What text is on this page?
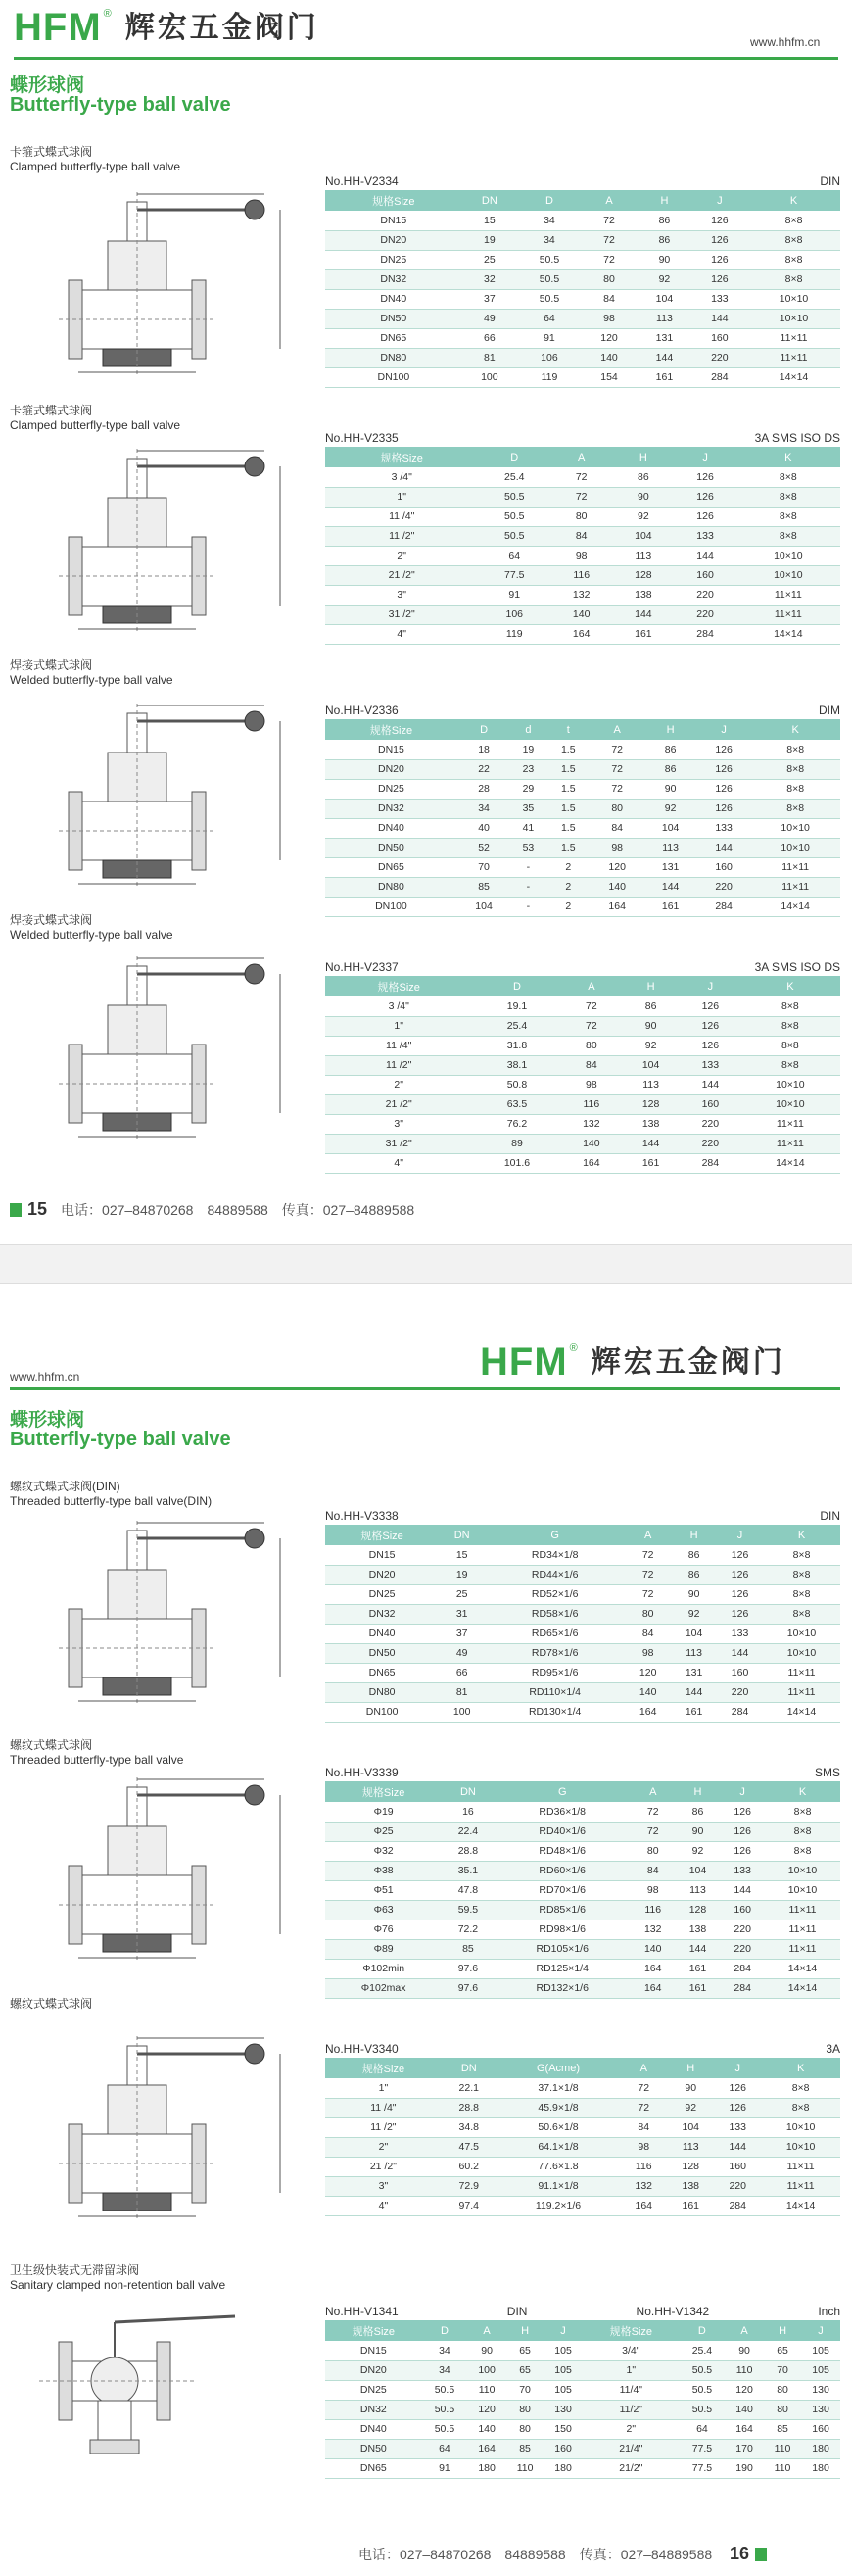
HFM ® 辉宏五金阀门	www.hhfm.cn
蝶形球阀
Butterfly-type ball valve
卡箍式蝶式球阀
Clamped butterfly-type ball valve
卡箍式蝶式球阀
Clamped butterfly-type ball valve
焊接式蝶式球阀
Welded butterfly-type ball valve
焊接式蝶式球阀
Welded butterfly-type ball valve
No.HH-V2334	DIN
规格Size	DN	D	A	H	J	K
DN15	15	34	72	86	126	8×8
DN20	19	34	72	86	126	8×8
DN25	25	50.5	72	90	126	8×8
DN32	32	50.5	80	92	126	8×8
DN40	37	50.5	84	104	133	10×10
DN50	49	64	98	113	144	10×10
DN65	66	91	120	131	160	11×11
DN80	81	106	140	144	220	11×11
DN100	100	119	154	161	284	14×14
No.HH-V2335	3A SMS ISO DS
规格Size	D	A	H	J	K
3 /4"	25.4	72	86	126	8×8
1"	50.5	72	90	126	8×8
11 /4"	50.5	80	92	126	8×8
11 /2"	50.5	84	104	133	8×8
2"	64	98	113	144	10×10
21 /2"	77.5	116	128	160	10×10
3"	91	132	138	220	11×11
31 /2"	106	140	144	220	11×11
4"	119	164	161	284	14×14
No.HH-V2336	DIM
规格Size	D	d	t	A	H	J	K
DN15	18	19	1.5	72	86	126	8×8
DN20	22	23	1.5	72	86	126	8×8
DN25	28	29	1.5	72	90	126	8×8
DN32	34	35	1.5	80	92	126	8×8
DN40	40	41	1.5	84	104	133	10×10
DN50	52	53	1.5	98	113	144	10×10
DN65	70	-	2	120	131	160	11×11
DN80	85	-	2	140	144	220	11×11
DN100	104	-	2	164	161	284	14×14
No.HH-V2337	3A SMS ISO DS
规格Size	D	A	H	J	K
3 /4"	19.1	72	86	126	8×8
1"	25.4	72	90	126	8×8
11 /4"	31.8	80	92	126	8×8
11 /2"	38.1	84	104	133	8×8
2"	50.8	98	113	144	10×10
21 /2"	63.5	116	128	160	10×10
3"	76.2	132	138	220	11×11
31 /2"	89	140	144	220	11×11
4"	101.6	164	161	284	14×14
15 电话：027–84870268　84889588　传真：027–84889588
www.hhfm.cn	HFM ® 辉宏五金阀门
蝶形球阀
Butterfly-type ball valve
螺纹式蝶式球阀(DIN)
Threaded butterfly-type ball valve(DIN)
螺纹式蝶式球阀
Threaded butterfly-type ball valve
螺纹式蝶式球阀
卫生级快装式无滞留球阀
Sanitary clamped non-retention ball valve
No.HH-V3338	DIN
规格Size	DN	G	A	H	J	K
DN15	15	RD34×1/8	72	86	126	8×8
DN20	19	RD44×1/6	72	86	126	8×8
DN25	25	RD52×1/6	72	90	126	8×8
DN32	31	RD58×1/6	80	92	126	8×8
DN40	37	RD65×1/6	84	104	133	10×10
DN50	49	RD78×1/6	98	113	144	10×10
DN65	66	RD95×1/6	120	131	160	11×11
DN80	81	RD110×1/4	140	144	220	11×11
DN100	100	RD130×1/4	164	161	284	14×14
No.HH-V3339	SMS
规格Size	DN	G	A	H	J	K
Φ19	16	RD36×1/8	72	86	126	8×8
Φ25	22.4	RD40×1/6	72	90	126	8×8
Φ32	28.8	RD48×1/6	80	92	126	8×8
Φ38	35.1	RD60×1/6	84	104	133	10×10
Φ51	47.8	RD70×1/6	98	113	144	10×10
Φ63	59.5	RD85×1/6	116	128	160	11×11
Φ76	72.2	RD98×1/6	132	138	220	11×11
Φ89	85	RD105×1/6	140	144	220	11×11
Φ102min	97.6	RD125×1/4	164	161	284	14×14
Φ102max	97.6	RD132×1/6	164	161	284	14×14
No.HH-V3340	3A
规格Size	DN	G(Acme)	A	H	J	K
1"	22.1	37.1×1/8	72	90	126	8×8
11 /4"	28.8	45.9×1/8	72	92	126	8×8
11 /2"	34.8	50.6×1/8	84	104	133	10×10
2"	47.5	64.1×1/8	98	113	144	10×10
21 /2"	60.2	77.6×1.8	116	128	160	11×11
3"	72.9	91.1×1/8	132	138	220	11×11
4"	97.4	119.2×1/6	164	161	284	14×14
No.HH-V1341	DIN	No.HH-V1342	Inch
规格Size	D	A	H	J	规格Size	D	A	H	J
DN15	34	90	65	105	3/4"	25.4	90	65	105
DN20	34	100	65	105	1"	50.5	110	70	105
DN25	50.5	110	70	105	11/4"	50.5	120	80	130
DN32	50.5	120	80	130	11/2"	50.5	140	80	130
DN40	50.5	140	80	150	2"	64	164	85	160
DN50	64	164	85	160	21/4"	77.5	170	110	180
DN65	91	180	110	180	21/2"	77.5	190	110	180
电话：027–84870268　84889588　传真：027–84889588 16
